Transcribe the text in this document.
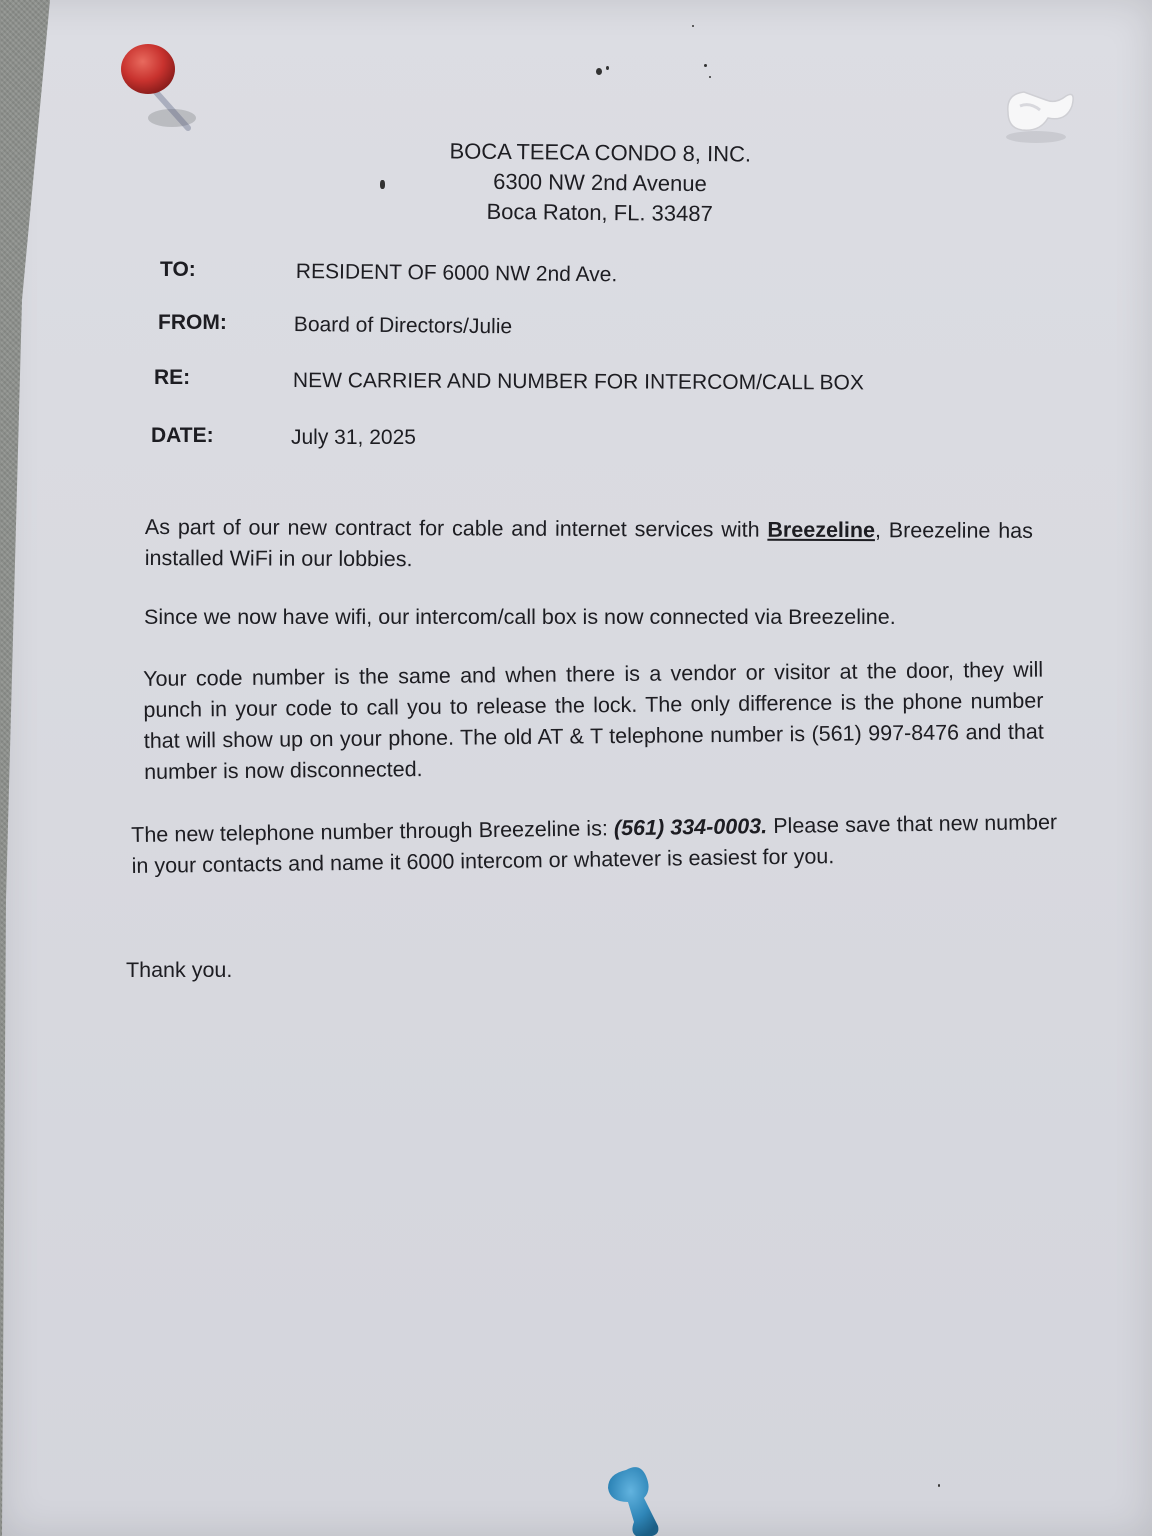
BOCA TEECA CONDO 8, INC.
6300 NW 2nd Avenue
Boca Raton, FL. 33487
TO:	RESIDENT OF 6000 NW 2nd Ave.
FROM:	Board of Directors/Julie
RE:	NEW CARRIER AND NUMBER FOR INTERCOM/CALL BOX
DATE:	July 31, 2025
As part of our new contract for cable and internet services with Breezeline, Breezeline has installed WiFi in our lobbies.
Since we now have wifi, our intercom/call box is now connected via Breezeline.
Your code number is the same and when there is a vendor or visitor at the door, they will punch in your code to call you to release the lock. The only difference is the phone number that will show up on your phone. The old AT & T telephone number is (561) 997-8476 and that number is now disconnected.
The new telephone number through Breezeline is: (561) 334-0003. Please save that new number in your contacts and name it 6000 intercom or whatever is easiest for you.
Thank you.
